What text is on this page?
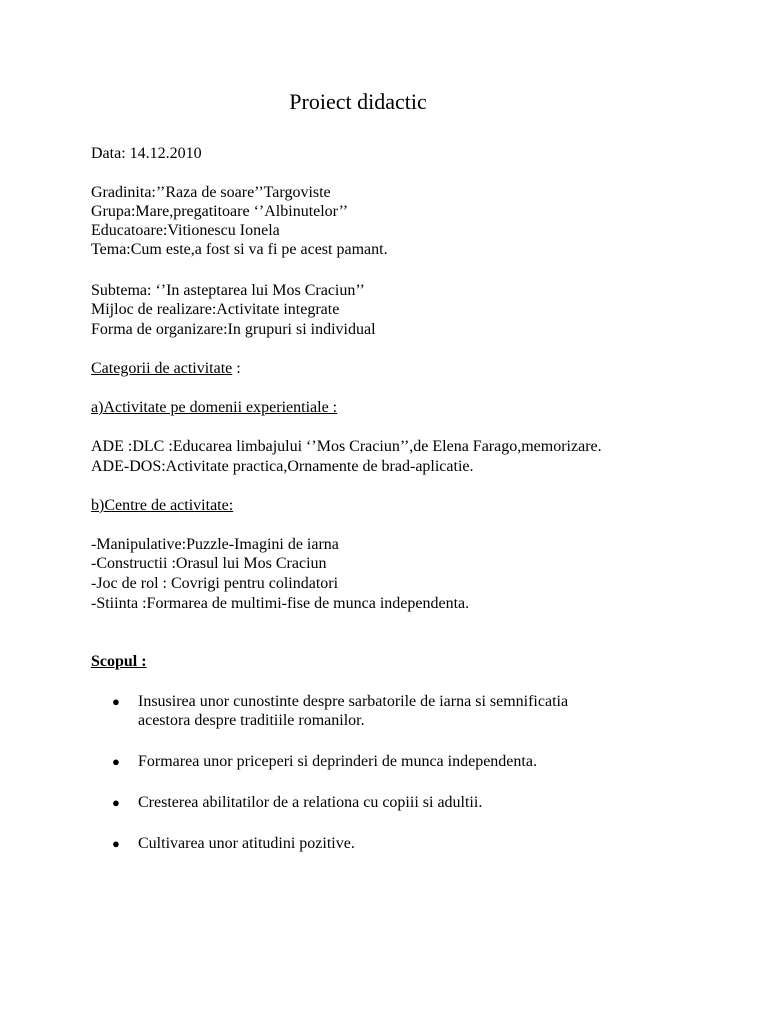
Proiect didactic
Data: 14.12.2010
Gradinita:’’Raza de soare’’Targoviste
Grupa:Mare,pregatitoare ‘’Albinutelor’’
Educatoare:Vitionescu Ionela
Tema:Cum este,a fost si va fi pe acest pamant.
Subtema: ‘’In asteptarea lui Mos Craciun’’
Mijloc de realizare:Activitate integrate
Forma de organizare:In grupuri si individual
Categorii de activitate :
a)Activitate pe domenii experientiale :
ADE :DLC :Educarea limbajului ‘’Mos Craciun’’,de Elena Farago,memorizare.
ADE-DOS:Activitate practica,Ornamente de brad-aplicatie.
b)Centre de activitate:
-Manipulative:Puzzle-Imagini de iarna
-Constructii :Orasul lui Mos Craciun
-Joc de rol : Covrigi pentru colindatori
-Stiinta :Formarea de multimi-fise de munca independenta.
Scopul :
● Insusirea unor cunostinte despre sarbatorile de iarna si semnificatia
acestora despre traditiile romanilor.
● Formarea unor priceperi si deprinderi de munca independenta.
● Cresterea abilitatilor de a relationa cu copiii si adultii.
● Cultivarea unor atitudini pozitive.
